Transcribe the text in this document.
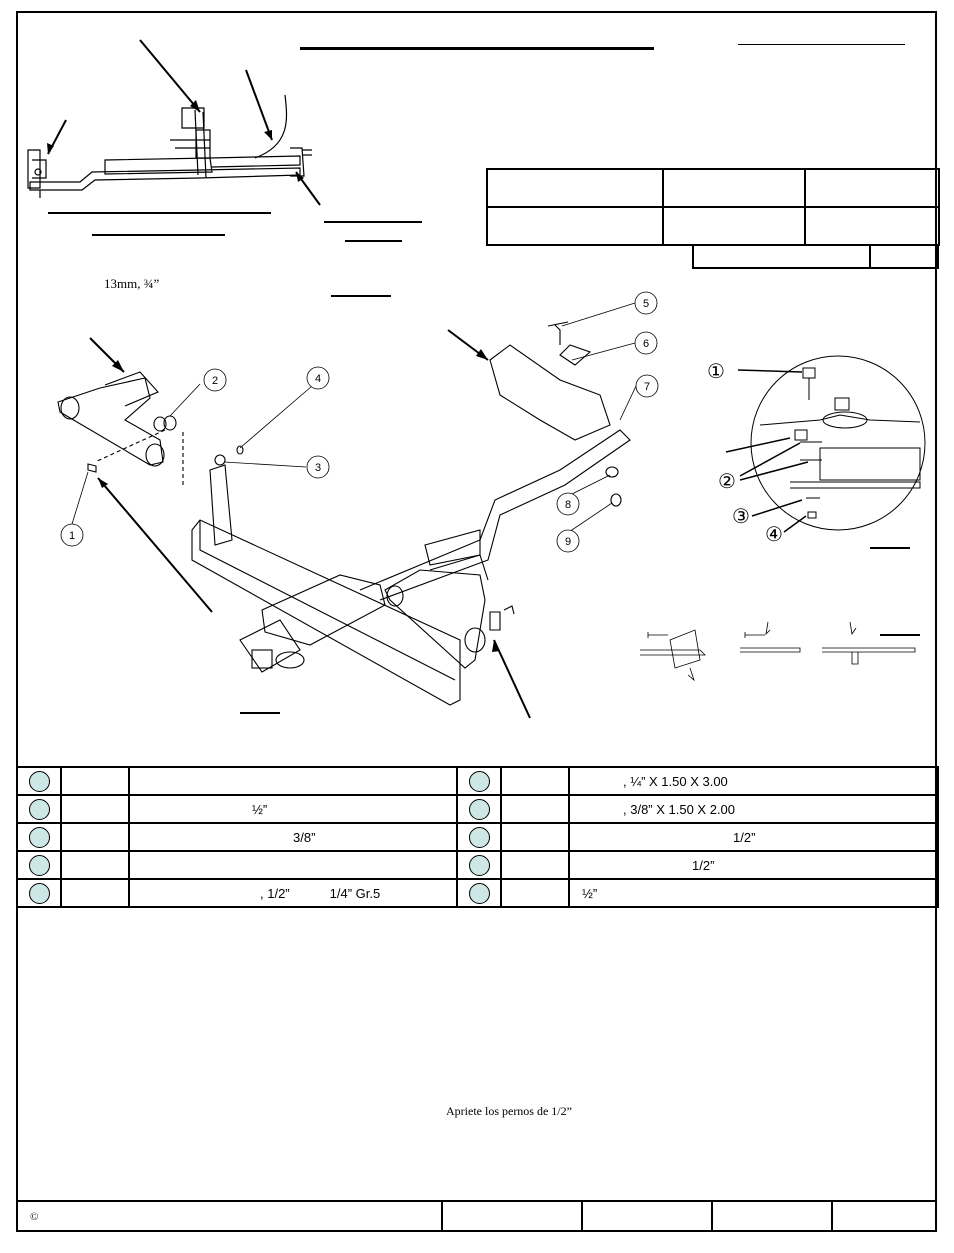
13mm, ¾”
1
2
3
4
5
6
7
8
9
①
②
③
④
					, ¼” X 1.50 X 3.00
		½”			, 3/8” X 1.50 X 2.00
		3/8”			1/2”
					1/2”
		, 1/2” 1/4” Gr.5			½”
Apriete los pernos de 1/2”
©				
